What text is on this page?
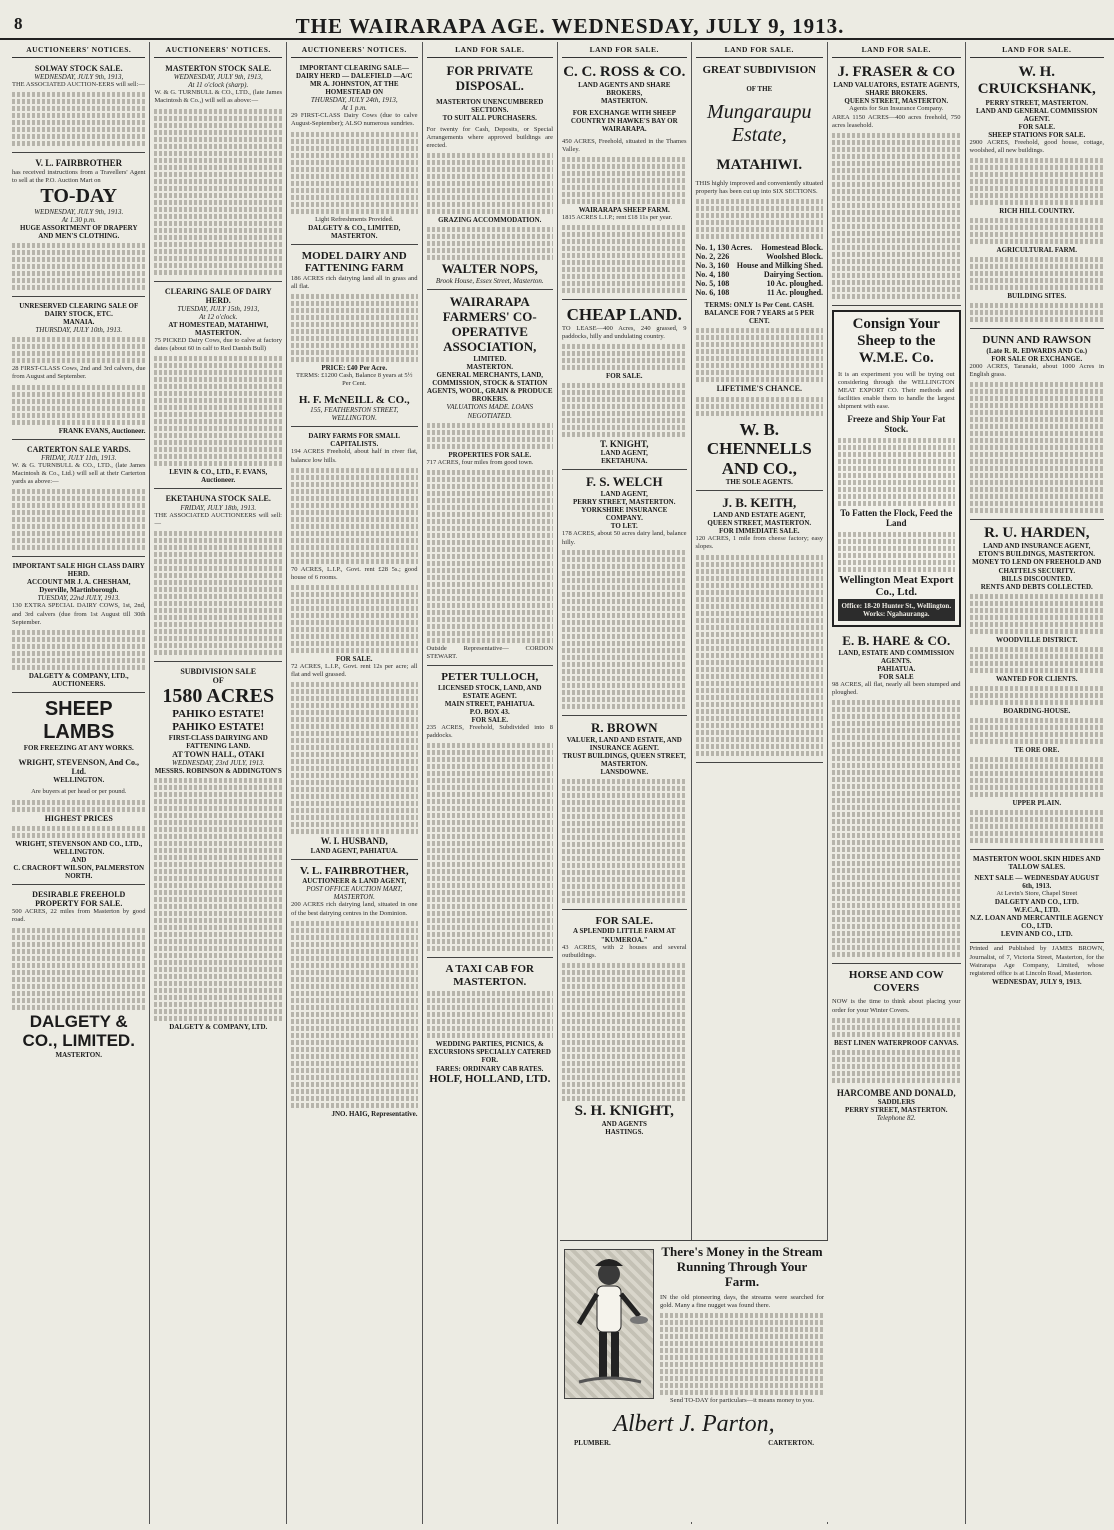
8	THE WAIRARAPA AGE. WEDNESDAY, JULY 9, 1913.
AUCTIONEERS' NOTICES.
SOLWAY STOCK SALE.
WEDNESDAY, JULY 9th, 1913,
THE ASSOCIATED AUCTION-EERS will sell:—
V. L. FAIRBROTHER
has received instructions from a Travellers' Agent to sell at the P.O. Auction Mart on
TO-DAY
WEDNESDAY, JULY 9th, 1913.
At 1.30 p.m.
HUGE ASSORTMENT OF DRAPERY AND MEN'S CLOTHING.
UNRESERVED CLEARING SALE OF DAIRY STOCK, ETC.
MANAIA.
THURSDAY, JULY 10th, 1913.
28 FIRST-CLASS Cows, 2nd and 3rd calvers, due from August and September.
FRANK EVANS, Auctioneer.
CARTERTON SALE YARDS.
FRIDAY, JULY 11th, 1913.
W. & G. TURNBULL & CO., LTD., (late James Macintosh & Co., Ltd.) will sell at their Carterton yards as above:—
IMPORTANT SALE HIGH CLASS DAIRY HERD.
ACCOUNT MR J. A. CHESHAM, Dyerville, Martinborough.
TUESDAY, 22nd JULY, 1913.
130 EXTRA SPECIAL DAIRY COWS, 1st, 2nd, and 3rd calvers (due from 1st August till 30th September.
DALGETY & COMPANY, LTD., AUCTIONEERS.
SHEEP LAMBS
FOR FREEZING AT ANY WORKS.
WRIGHT, STEVENSON, And Co., Ltd.
WELLINGTON.
Are buyers at per head or per pound.
HIGHEST PRICES
WRIGHT, STEVENSON AND CO., LTD., WELLINGTON.
AND
C. CRACROFT WILSON, PALMERSTON NORTH.
DESIRABLE FREEHOLD PROPERTY FOR SALE.
500 ACRES, 22 miles from Masterton by good road.
DALGETY & CO., LIMITED.
MASTERTON.
AUCTIONEERS' NOTICES.
MASTERTON STOCK SALE.
WEDNESDAY, JULY 9th, 1913,
At 11 o'clock (sharp).
W. & G. TURNBULL & CO., LTD., (late James Macintosh & Co.,) will sell as above:—
CLEARING SALE OF DAIRY HERD.
TUESDAY, JULY 15th, 1913,
At 12 o'clock.
AT HOMESTEAD, MATAHIWI, MASTERTON.
75 PICKED Dairy Cows, due to calve at factory dates (about 60 in calf to Red Danish Bull)
LEVIN & CO., LTD., F. EVANS, Auctioneer.
EKETAHUNA STOCK SALE.
FRIDAY, JULY 18th, 1913.
THE ASSOCIATED AUCTIONEERS will sell:—
SUBDIVISION SALE
OF
1580 ACRES
PAHIKO ESTATE! PAHIKO ESTATE!
FIRST-CLASS DAIRYING AND FATTENING LAND.
AT TOWN HALL, OTAKI
WEDNESDAY, 23rd JULY, 1913.
MESSRS. ROBINSON & ADDINGTON'S
DALGETY & COMPANY, LTD.
AUCTIONEERS' NOTICES.
IMPORTANT CLEARING SALE—DAIRY HERD — DALEFIELD —A/C MR A. JOHNSTON, AT THE HOMESTEAD ON
THURSDAY, JULY 24th, 1913,
At 1 p.m.
29 FIRST-CLASS Dairy Cows (due to calve August-September); ALSO numerous sundries.
Light Refreshments Provided.
DALGETY & CO., LIMITED, MASTERTON.
MODEL DAIRY AND FATTENING FARM
186 ACRES rich dairying land all in grass and all flat.
PRICE: £40 Per Acre.
TERMS: £1200 Cash, Balance 8 years at 5½ Per Cent.
H. F. McNEILL & CO.,
155, FEATHERSTON STREET, WELLINGTON.
DAIRY FARMS FOR SMALL CAPITALISTS.
194 ACRES Freehold, about half in river flat, balance low hills.
70 ACRES, L.I.P., Govt. rent £28 5s.; good house of 6 rooms.
FOR SALE.
72 ACRES, L.I.P., Govt. rent 12s per acre; all flat and well grassed.
W. I. HUSBAND,
LAND AGENT, PAHIATUA.
V. L. FAIRBROTHER,
AUCTIONEER & LAND AGENT,
POST OFFICE AUCTION MART, MASTERTON.
200 ACRES rich dairying land, situated in one of the best dairying centres in the Dominion.
JNO. HAIG, Representative.
LAND FOR SALE.
FOR PRIVATE DISPOSAL.
MASTERTON UNENCUMBERED SECTIONS.
TO SUIT ALL PURCHASERS.
For twenty for Cash, Deposits, or Special Arrangements where approved buildings are erected.
GRAZING ACCOMMODATION.
WALTER NOPS,
Brook House, Essex Street, Masterton.
WAIRARAPA FARMERS' CO-OPERATIVE ASSOCIATION,
LIMITED.
MASTERTON.
GENERAL MERCHANTS, LAND, COMMISSION, STOCK & STATION AGENTS, WOOL, GRAIN & PRODUCE BROKERS.
VALUATIONS MADE. LOANS NEGOTIATED.
PROPERTIES FOR SALE.
717 ACRES, four miles from good town.
Outside Representative— CORDON STEWART.
PETER TULLOCH,
LICENSED STOCK, LAND, AND ESTATE AGENT.
MAIN STREET, PAHIATUA.
P.O. BOX 43.
FOR SALE.
235 ACRES, Freehold, Subdivided into 8 paddocks.
A TAXI CAB FOR MASTERTON.
WEDDING PARTIES, PICNICS, & EXCURSIONS SPECIALLY CATERED FOR.
FARES: ORDINARY CAB RATES.
HOLF, HOLLAND, LTD.
LAND FOR SALE.
C. C. ROSS & CO.
LAND AGENTS AND SHARE BROKERS,
MASTERTON.
FOR EXCHANGE WITH SHEEP COUNTRY IN HAWKE'S BAY OR WAIRARAPA.
450 ACRES, Freehold, situated in the Thames Valley.
WAIRARAPA SHEEP FARM.
1815 ACRES L.I.P.; rent £18 11s per year.
CHEAP LAND.
TO LEASE—400 Acres, 240 grassed, 9 paddocks, hilly and undulating country.
FOR SALE.
T. KNIGHT,
LAND AGENT,
EKETAHUNA.
F. S. WELCH
LAND AGENT,
PERRY STREET, MASTERTON.
YORKSHIRE INSURANCE COMPANY.
TO LET.
178 ACRES, about 50 acres dairy land, balance hilly.
R. BROWN
VALUER, LAND AND ESTATE, AND INSURANCE AGENT.
TRUST BUILDINGS, QUEEN STREET, MASTERTON.
LANSDOWNE.
FOR SALE.
A SPLENDID LITTLE FARM AT "KUMEROA."
43 ACRES, with 2 houses and several outbuildings.
S. H. KNIGHT,
AND AGENTS
HASTINGS.
LAND FOR SALE.
GREAT SUBDIVISION
OF THE
Mungaraupu Estate,
MATAHIWI.
THIS highly improved and conveniently situated property has been cut up into SIX SECTIONS.
No. 1, 130 Acres. Homestead Block.
No. 2, 226	Woolshed Block.
No. 3, 160 House and Milking Shed.
No. 4, 180	Dairying Section.
No. 5, 108	10 Ac. ploughed.
No. 6, 108	11 Ac. ploughed.
TERMS: ONLY 1s Per Cent. CASH.
BALANCE FOR 7 YEARS at 5 PER CENT.
LIFETIME'S CHANCE.
W. B. CHENNELLS AND CO.,
THE SOLE AGENTS.
J. B. KEITH,
LAND AND ESTATE AGENT,
QUEEN STREET, MASTERTON.
FOR IMMEDIATE SALE.
120 ACRES, 1 mile from cheese factory; easy slopes.
LAND FOR SALE.
J. FRASER & CO
LAND VALUATORS, ESTATE AGENTS, SHARE BROKERS.
QUEEN STREET, MASTERTON.
Agents for Sun Insurance Company.
AREA 1150 ACRES—400 acres freehold, 750 acres leasehold.
Consign Your Sheep to the W.M.E. Co.
It is an experiment you will be trying out considering through the WELLINGTON MEAT EXPORT CO. Their methods and facilities enable them to handle the largest shipment with ease.
Freeze and Ship Your Fat Stock.
To Fatten the Flock, Feed the Land
Wellington Meat Export Co., Ltd.
Office: 18-20 Hunter St., Wellington. Works: Ngahauranga.
E. B. HARE & CO.
LAND, ESTATE AND COMMISSION AGENTS.
PAHIATUA.
FOR SALE
98 ACRES, all flat, nearly all been stumped and ploughed.
HORSE AND COW COVERS
NOW is the time to think about placing your order for your Winter Covers.
BEST LINEN WATERPROOF CANVAS.
HARCOMBE AND DONALD,
SADDLERS
PERRY STREET, MASTERTON.
Telephone 82.
LAND FOR SALE.
W. H. CRUICKSHANK,
PERRY STREET, MASTERTON.
LAND AND GENERAL COMMISSION AGENT.
FOR SALE.
SHEEP STATIONS FOR SALE.
2900 ACRES, Freehold, good house, cottage, woolshed, all new buildings.
RICH HILL COUNTRY.
AGRICULTURAL FARM.
BUILDING SITES.
DUNN AND RAWSON
(Late R. R. EDWARDS AND Co.)
FOR SALE OR EXCHANGE.
2000 ACRES, Taranaki, about 1000 Acres in English grass.
R. U. HARDEN,
LAND AND INSURANCE AGENT,
ETON'S BUILDINGS, MASTERTON.
MONEY TO LEND ON FREEHOLD AND CHATTELS SECURITY.
BILLS DISCOUNTED.
RENTS AND DEBTS COLLECTED.
WOODVILLE DISTRICT.
WANTED FOR CLIENTS.
BOARDING-HOUSE.
TE ORE ORE.
UPPER PLAIN.
MASTERTON WOOL SKIN HIDES AND TALLOW SALES.
NEXT SALE — WEDNESDAY AUGUST 6th, 1913.
At Levin's Store, Chapel Street
DALGETY AND CO., LTD.
W.F.C.A., LTD.
N.Z. LOAN AND MERCANTILE AGENCY CO., LTD.
LEVIN AND CO., LTD.
Printed and Published by JAMES BROWN, Journalist, of 7, Victoria Street, Masterton, for the Wairarapa Age Company, Limited, whose registered office is at Lincoln Road, Masterton.
WEDNESDAY, JULY 9, 1913.
There's Money in the Stream Running Through Your Farm.
IN the old pioneering days, the streams were searched for gold. Many a fine nugget was found there.
Send TO-DAY for particulars—it means money to you.
Albert J. Parton,
PLUMBER.	CARTERTON.
